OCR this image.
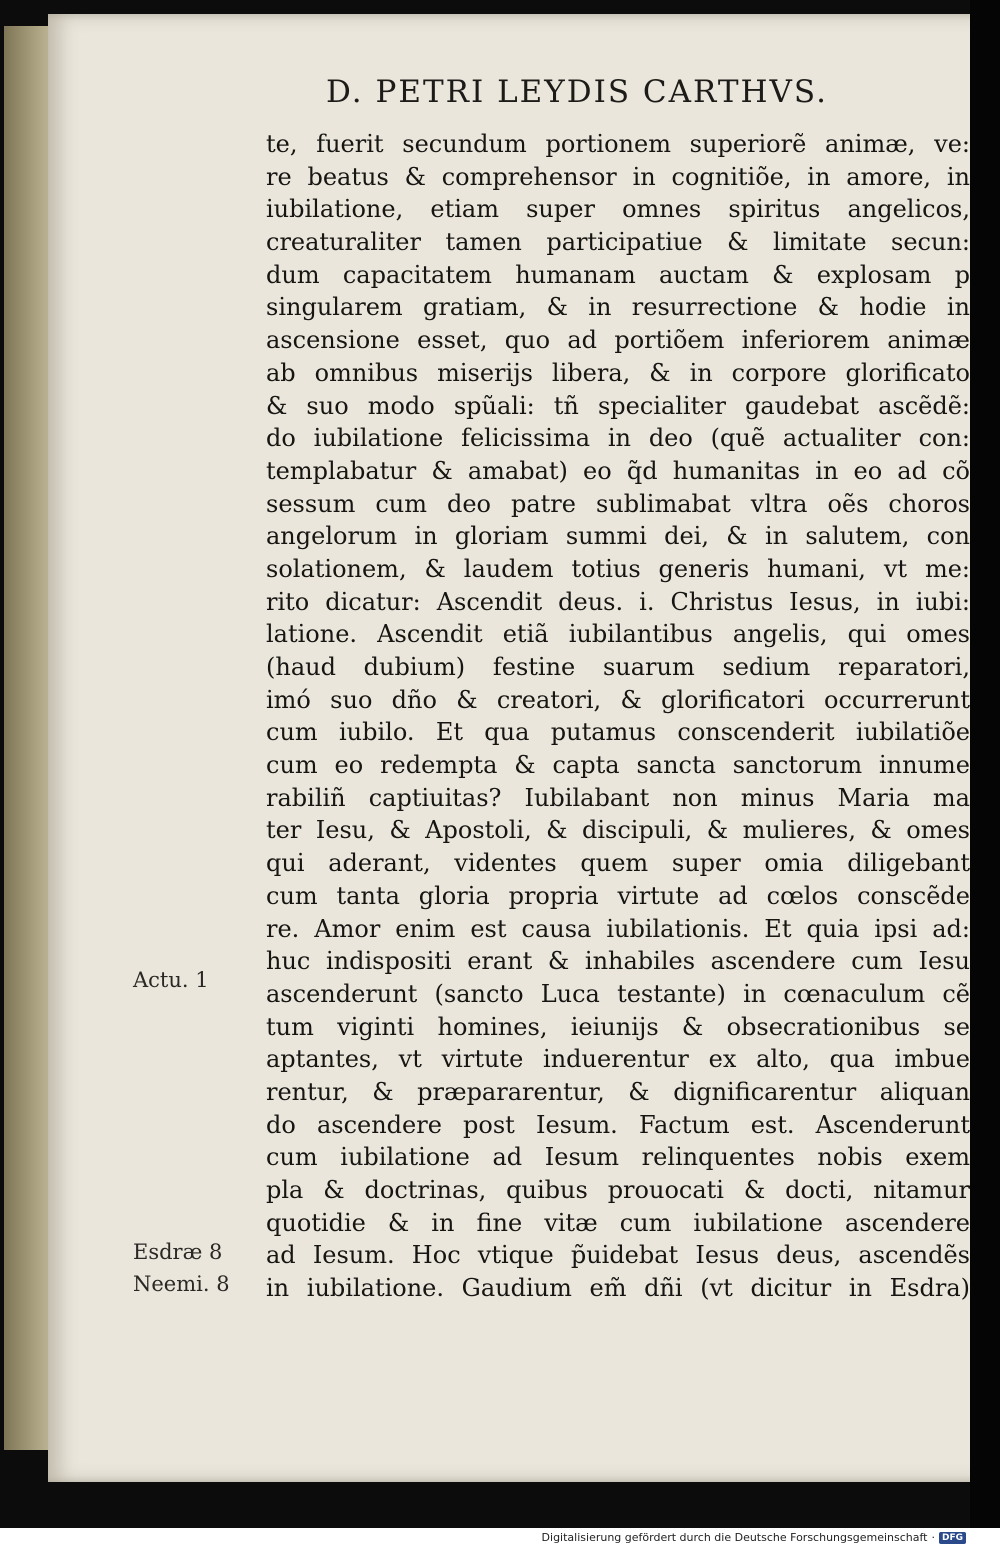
D. PETRI LEYDIS CARTHVS.
te, fuerit secundum portionem superiorẽ animæ, ve:
re beatus & comprehensor in cognitiõe, in amore, in
iubilatione, etiam super omnes spiritus angelicos,
creaturaliter tamen participatiue & limitate secun:
dum capacitatem humanam auctam & explosam p
singularem gratiam, & in resurrectione & hodie in
ascensione esset, quo ad portiõem inferiorem animæ
ab omnibus miserijs libera, & in corpore glorificato
& suo modo spũali: tñ specialiter gaudebat ascẽdẽ:
do iubilatione felicissima in deo (quẽ actualiter con:
templabatur & amabat) eo q̃d humanitas in eo ad cõ
sessum cum deo patre sublimabat vltra oẽs choros
angelorum in gloriam summi dei, & in salutem, con
solationem, & laudem totius generis humani, vt me:
rito dicatur: Ascendit deus. i. Christus Iesus, in iubi:
latione. Ascendit etiã iubilantibus angelis, qui omes
(haud dubium) festine suarum sedium reparatori,
imó suo dño & creatori, & glorificatori occurrerunt
cum iubilo. Et qua putamus conscenderit iubilatiõe
cum eo redempta & capta sancta sanctorum innume
rabiliñ captiuitas? Iubilabant non minus Maria ma
ter Iesu, & Apostoli, & discipuli, & mulieres, & omes
qui aderant, videntes quem super omia diligebant
cum tanta gloria propria virtute ad cœlos conscẽde
re. Amor enim est causa iubilationis. Et quia ipsi ad:
huc indispositi erant & inhabiles ascendere cum Iesu
ascenderunt (sancto Luca testante) in cœnaculum cẽ
tum viginti homines, ieiunijs & obsecrationibus se
aptantes, vt virtute induerentur ex alto, qua imbue
rentur, & præpararentur, & dignificarentur aliquan
do ascendere post Iesum. Factum est. Ascenderunt
cum iubilatione ad Iesum relinquentes nobis exem
pla & doctrinas, quibus prouocati & docti, nitamur
quotidie & in fine vitæ cum iubilatione ascendere
ad Iesum. Hoc vtique p̃uidebat Iesus deus, ascendẽs
in iubilatione. Gaudium em̃ dñi (vt dicitur in Esdra)
Actu. 1
Esdræ 8
Neemi. 8
Digitalisierung gefördert durch die Deutsche Forschungsgemeinschaft · DFG
